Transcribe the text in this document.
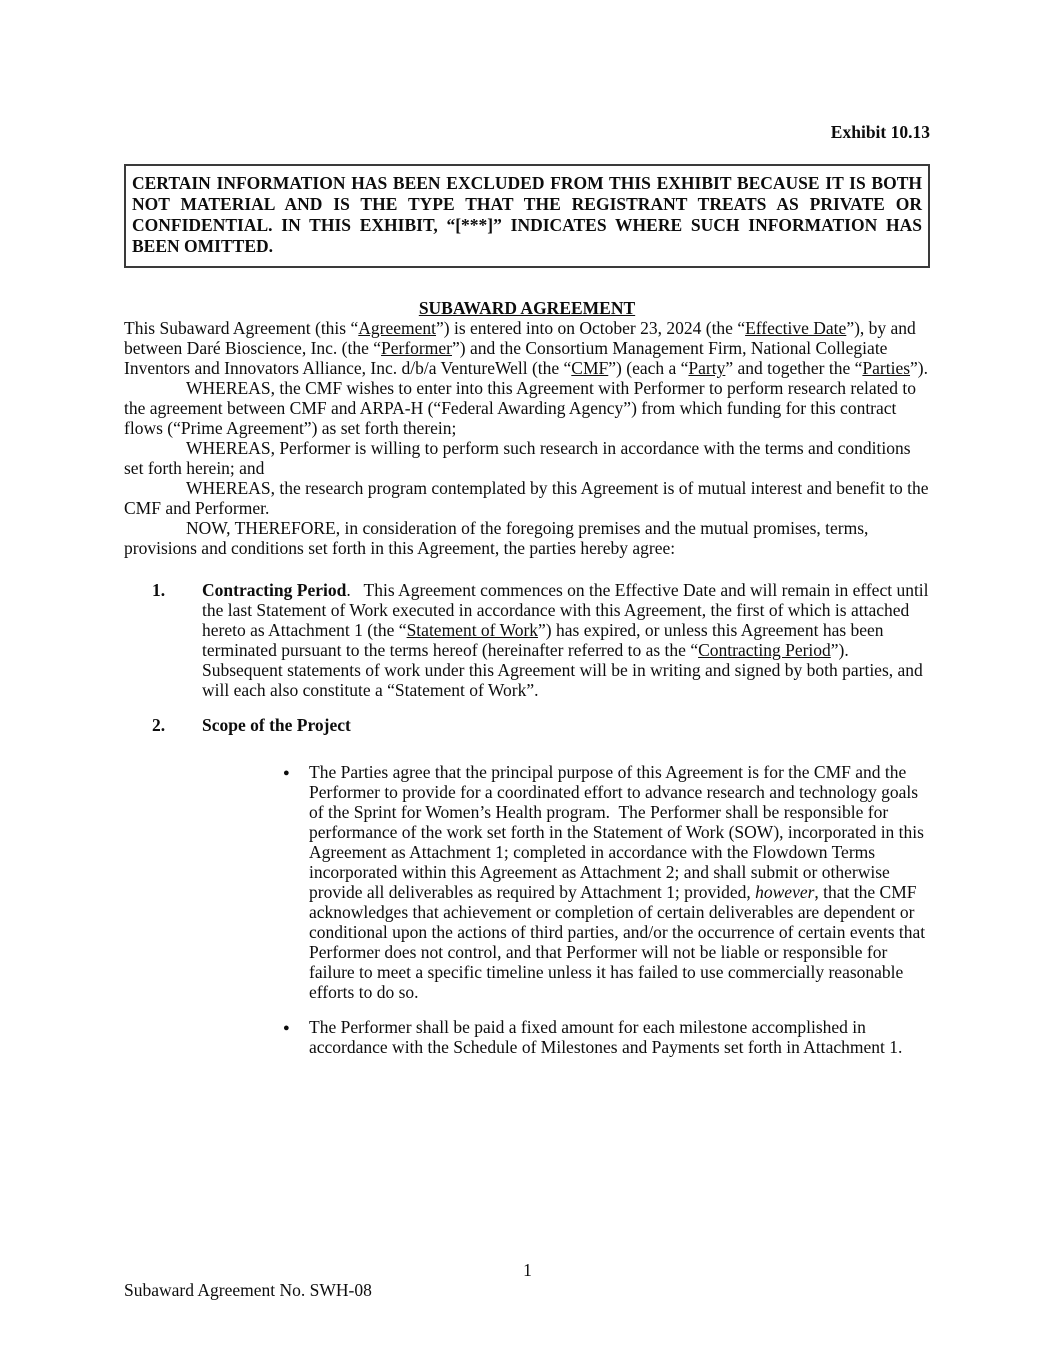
Exhibit 10.13
CERTAIN INFORMATION HAS BEEN EXCLUDED FROM THIS EXHIBIT BECAUSE IT IS BOTH NOT MATERIAL AND IS THE TYPE THAT THE REGISTRANT TREATS AS PRIVATE OR CONFIDENTIAL. IN THIS EXHIBIT, “[***]” INDICATES WHERE SUCH INFORMATION HAS BEEN OMITTED.
SUBAWARD AGREEMENT

This Subaward Agreement (this “Agreement”) is entered into on October 23, 2024 (the “Effective Date”), by and between Daré Bioscience, Inc. (the “Performer”) and the Consortium Management Firm, National Collegiate Inventors and Innovators Alliance, Inc. d/b/a VentureWell (the “CMF”) (each a “Party” and together the “Parties”).

WHEREAS, the CMF wishes to enter into this Agreement with Performer to perform research related to the agreement between CMF and ARPA-H (“Federal Awarding Agency”) from which funding for this contract flows (“Prime Agreement”) as set forth therein;

WHEREAS, Performer is willing to perform such research in accordance with the terms and conditions set forth herein; and

WHEREAS, the research program contemplated by this Agreement is of mutual interest and benefit to the CMF and Performer.

NOW, THEREFORE, in consideration of the foregoing premises and the mutual promises, terms, provisions and conditions set forth in this Agreement, the parties hereby agree:

1.	Contracting Period.   This Agreement commences on the Effective Date and will remain in effect until the last Statement of Work executed in accordance with this Agreement, the first of which is attached hereto as Attachment 1 (the “Statement of Work”) has expired, or unless this Agreement has been terminated pursuant to the terms hereof (hereinafter referred to as the “Contracting Period”).  Subsequent statements of work under this Agreement will be in writing and signed by both parties, and will each also constitute a “Statement of Work”.
2.	Scope of the Project
●	The Parties agree that the principal purpose of this Agreement is for the CMF and the Performer to provide for a coordinated effort to advance research and technology goals of the Sprint for Women’s Health program.  The Performer shall be responsible for performance of the work set forth in the Statement of Work (SOW), incorporated in this Agreement as Attachment 1; completed in accordance with the Flowdown Terms incorporated within this Agreement as Attachment 2; and shall submit or otherwise provide all deliverables as required by Attachment 1; provided, however, that the CMF acknowledges that achievement or completion of certain deliverables are dependent or conditional upon the actions of third parties, and/or the occurrence of certain events that Performer does not control, and that Performer will not be liable or responsible for failure to meet a specific timeline unless it has failed to use commercially reasonable efforts to do so.
●	The Performer shall be paid a fixed amount for each milestone accomplished in accordance with the Schedule of Milestones and Payments set forth in Attachment 1.
1
Subaward Agreement No. SWH-08
